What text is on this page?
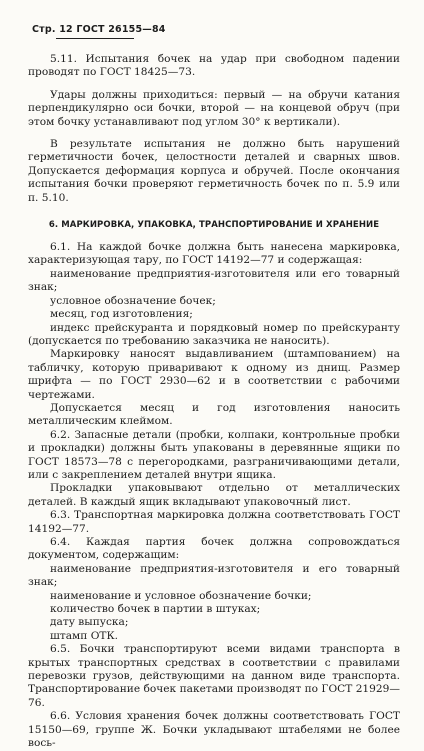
Стр. 12 ГОСТ 26155—84

5.11. Испытания бочек на удар при свободном падении проводят по ГОСТ 18425—73.

Удары должны приходиться: первый — на обручи катания перпендикулярно оси бочки, второй — на концевой обруч (при этом бочку устанавливают под углом 30° к вертикали).

В результате испытания не должно быть нарушений герметичности бочек, целостности деталей и сварных швов. Допускается деформация корпуса и обручей. После окончания испытания бочки проверяют герметичность бочек по п. 5.9 или п. 5.10.

6. МАРКИРОВКА, УПАКОВКА, ТРАНСПОРТИРОВАНИЕ И ХРАНЕНИЕ

6.1. На каждой бочке должна быть нанесена маркировка, характеризующая тару, по ГОСТ 14192—77 и содержащая:

наименование предприятия-изготовителя или его товарный знак;

условное обозначение бочек;

месяц, год изготовления;

индекс прейскуранта и порядковый номер по прейскуранту (допускается по требованию заказчика не наносить).

Маркировку наносят выдавливанием (штампованием) на табличку, которую приваривают к одному из днищ. Размер шрифта — по ГОСТ 2930—62 и в соответствии с рабочими чертежами.

Допускается месяц и год изготовления наносить металлическим клеймом.

6.2. Запасные детали (пробки, колпаки, контрольные пробки и прокладки) должны быть упакованы в деревянные ящики по ГОСТ 18573—78 с перегородками, разграничивающими детали, или с закреплением деталей внутри ящика.

Прокладки упаковывают отдельно от металлических деталей. В каждый ящик вкладывают упаковочный лист.

6.3. Транспортная маркировка должна соответствовать ГОСТ 14192—77.

6.4. Каждая партия бочек должна сопровождаться документом, содержащим:

наименование предприятия-изготовителя и его товарный знак;

наименование и условное обозначение бочки;

количество бочек в партии в штуках;

дату выпуска;

штамп ОТК.

6.5. Бочки транспортируют всеми видами транспорта в крытых транспортных средствах в соответствии с правилами перевозки грузов, действующими на данном виде транспорта. Транспортирование бочек пакетами производят по ГОСТ 21929—76.

6.6. Условия хранения бочек должны соответствовать ГОСТ 15150—69, группе Ж. Бочки укладывают штабелями не более вось-
